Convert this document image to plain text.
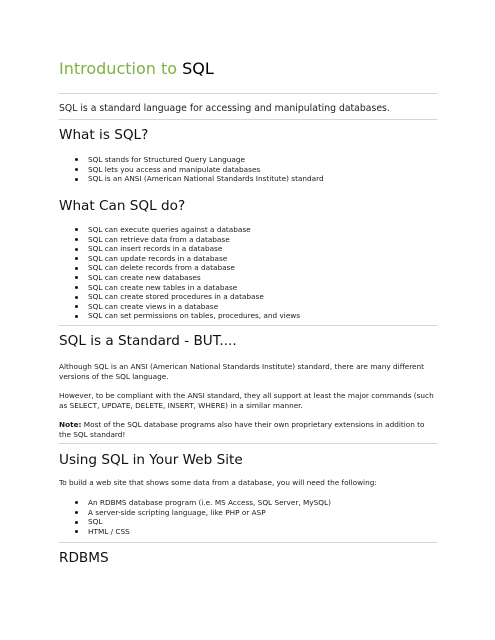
Introduction to SQL
SQL is a standard language for accessing and manipulating databases.
What is SQL?
SQL stands for Structured Query Language
SQL lets you access and manipulate databases
SQL is an ANSI (American National Standards Institute) standard
What Can SQL do?
SQL can execute queries against a database
SQL can retrieve data from a database
SQL can insert records in a database
SQL can update records in a database
SQL can delete records from a database
SQL can create new databases
SQL can create new tables in a database
SQL can create stored procedures in a database
SQL can create views in a database
SQL can set permissions on tables, procedures, and views
SQL is a Standard - BUT....
Although SQL is an ANSI (American National Standards Institute) standard, there are many different versions of the SQL language.
However, to be compliant with the ANSI standard, they all support at least the major commands (such as SELECT, UPDATE, DELETE, INSERT, WHERE) in a similar manner.
Note: Most of the SQL database programs also have their own proprietary extensions in addition to the SQL standard!
Using SQL in Your Web Site
To build a web site that shows some data from a database, you will need the following:
An RDBMS database program (i.e. MS Access, SQL Server, MySQL)
A server-side scripting language, like PHP or ASP
SQL
HTML / CSS
RDBMS
